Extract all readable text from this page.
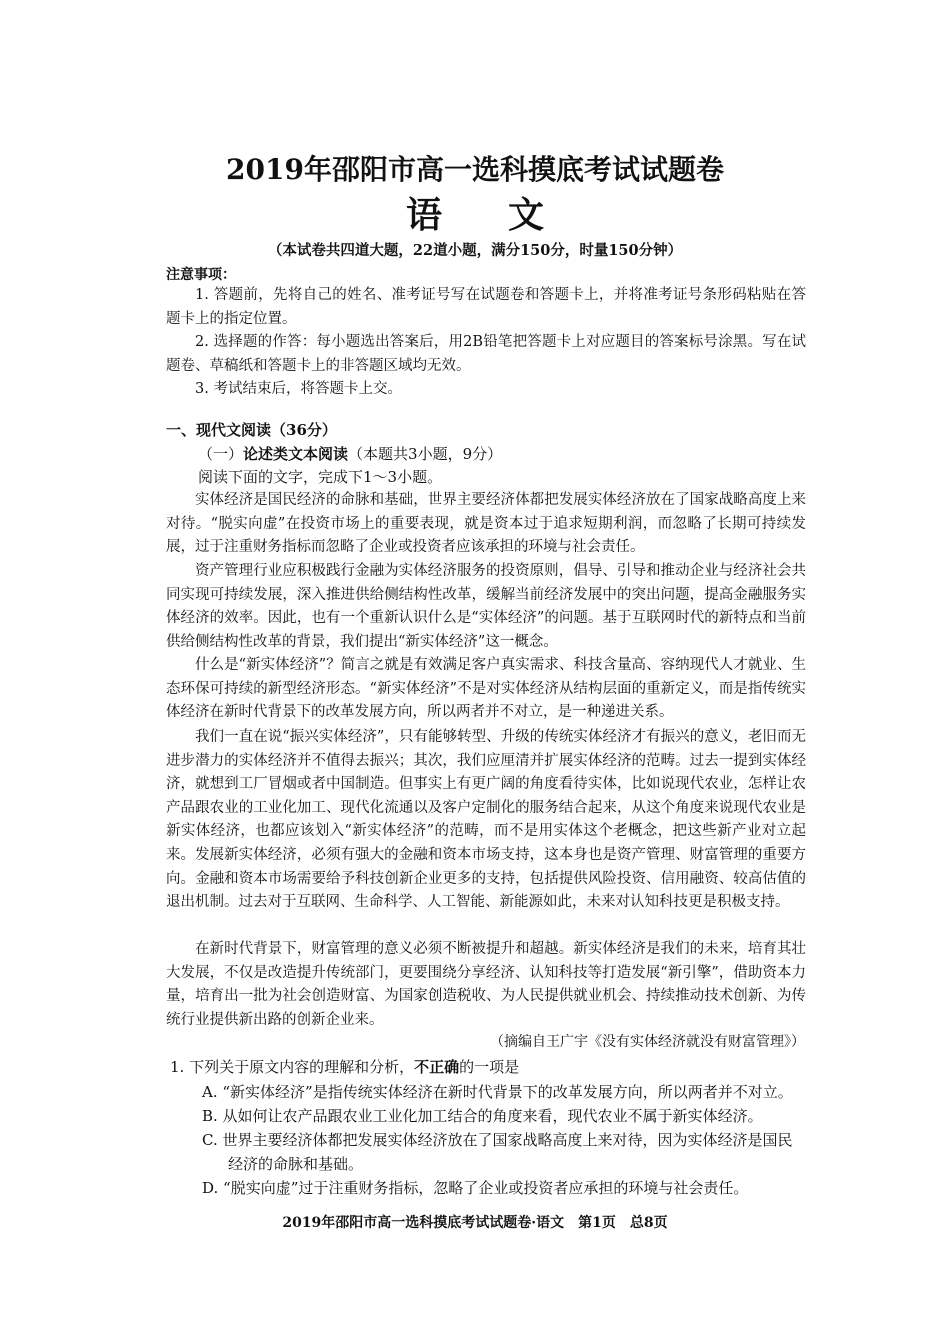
2019年邵阳市高一选科摸底考试试题卷
语 文
（本试卷共四道大题，22道小题，满分150分，时量150分钟）
注意事项：
1. 答题前，先将自己的姓名、准考证号写在试题卷和答题卡上，并将准考证号条形码粘贴在答题卡上的指定位置。
2. 选择题的作答：每小题选出答案后，用2B铅笔把答题卡上对应题目的答案标号涂黑。写在试题卷、草稿纸和答题卡上的非答题区域均无效。
3. 考试结束后，将答题卡上交。
一、现代文阅读（36分）
（一）论述类文本阅读（本题共3小题，9分）
阅读下面的文字，完成下1～3小题。
实体经济是国民经济的命脉和基础，世界主要经济体都把发展实体经济放在了国家战略高度上来对待。“脱实向虚”在投资市场上的重要表现，就是资本过于追求短期利润，而忽略了长期可持续发展，过于注重财务指标而忽略了企业或投资者应该承担的环境与社会责任。
资产管理行业应积极践行金融为实体经济服务的投资原则，倡导、引导和推动企业与经济社会共同实现可持续发展，深入推进供给侧结构性改革，缓解当前经济发展中的突出问题，提高金融服务实体经济的效率。因此，也有一个重新认识什么是“实体经济”的问题。基于互联网时代的新特点和当前供给侧结构性改革的背景，我们提出“新实体经济”这一概念。
什么是“新实体经济”？简言之就是有效满足客户真实需求、科技含量高、容纳现代人才就业、生态环保可持续的新型经济形态。“新实体经济”不是对实体经济从结构层面的重新定义，而是指传统实体经济在新时代背景下的改革发展方向，所以两者并不对立，是一种递进关系。
我们一直在说“振兴实体经济”，只有能够转型、升级的传统实体经济才有振兴的意义，老旧而无进步潜力的实体经济并不值得去振兴；其次，我们应厘清并扩展实体经济的范畴。过去一提到实体经济，就想到工厂冒烟或者中国制造。但事实上有更广阔的角度看待实体，比如说现代农业，怎样让农产品跟农业的工业化加工、现代化流通以及客户定制化的服务结合起来，从这个角度来说现代农业是新实体经济，也都应该划入“新实体经济”的范畴，而不是用实体这个老概念，把这些新产业对立起来。 发展新实体经济，必须有强大的金融和资本市场支持，这本身也是资产管理、财富管理的重要方向。金融和资本市场需要给予科技创新企业更多的支持，包括提供风险投资、信用融资、较高估值的退出机制。过去对于互联网、生命科学、人工智能、新能源如此，未来对认知科技更是积极支持。
在新时代背景下，财富管理的意义必须不断被提升和超越。新实体经济是我们的未来，培育其壮大发展，不仅是改造提升传统部门，更要围绕分享经济、认知科技等打造发展“新引擎”，借助资本力量，培育出一批为社会创造财富、为国家创造税收、为人民提供就业机会、持续推动技术创新、为传统行业提供新出路的创新企业来。
（摘编自王广宇《没有实体经济就没有财富管理》）
1. 下列关于原文内容的理解和分析，不正确的一项是
A. “新实体经济”是指传统实体经济在新时代背景下的改革发展方向，所以两者并不对立。
B. 从如何让农产品跟农业工业化加工结合的角度来看，现代农业不属于新实体经济。
C. 世界主要经济体都把发展实体经济放在了国家战略高度上来对待，因为实体经济是国民经济的命脉和基础。
D. “脱实向虚”过于注重财务指标，忽略了企业或投资者应承担的环境与社会责任。
2019年邵阳市高一选科摸底考试试题卷·语文　第1页　总8页
